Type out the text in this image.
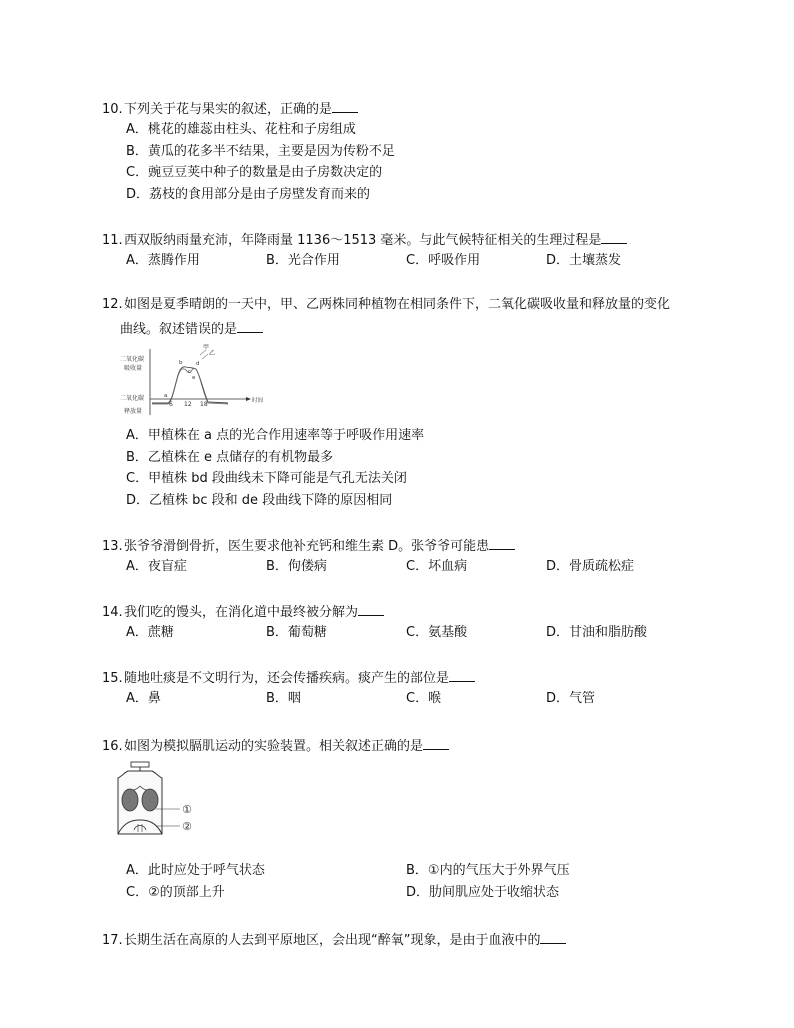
10.下列关于花与果实的叙述，正确的是
A．桃花的雄蕊由柱头、花柱和子房组成
B．黄瓜的花多半不结果，主要是因为传粉不足
C．豌豆豆荚中种子的数量是由子房数决定的
D．荔枝的食用部分是由子房壁发育而来的
11.西双版纳雨量充沛，年降雨量 1136～1513 毫米。与此气候特征相关的生理过程是
A．蒸腾作用	B．光合作用	C．呼吸作用	D．土壤蒸发
12.如图是夏季晴朗的一天中，甲、乙两株同种植物在相同条件下，二氧化碳吸收量和释放量的变化
曲线。叙述错误的是
二氧化碳
吸收量
二氧化碳
释放量
时间
6 12 18
甲
乙
b
c
d
e
a
A．甲植株在 a 点的光合作用速率等于呼吸作用速率
B．乙植株在 e 点储存的有机物最多
C．甲植株 bd 段曲线未下降可能是气孔无法关闭
D．乙植株 bc 段和 de 段曲线下降的原因相同
13.张爷爷滑倒骨折，医生要求他补充钙和维生素 D。张爷爷可能患
A．夜盲症	B．佝偻病	C．坏血病	D．骨质疏松症
14.我们吃的馒头，在消化道中最终被分解为
A．蔗糖	B．葡萄糖	C．氨基酸	D．甘油和脂肪酸
15.随地吐痰是不文明行为，还会传播疾病。痰产生的部位是
A．鼻	B．咽	C．喉	D．气管
16.如图为模拟膈肌运动的实验装置。相关叙述正确的是
①
②
A．此时应处于呼气状态	B．①内的气压大于外界气压
C．②的顶部上升	D．肋间肌应处于收缩状态
17.长期生活在高原的人去到平原地区，会出现“醉氧”现象，是由于血液中的
